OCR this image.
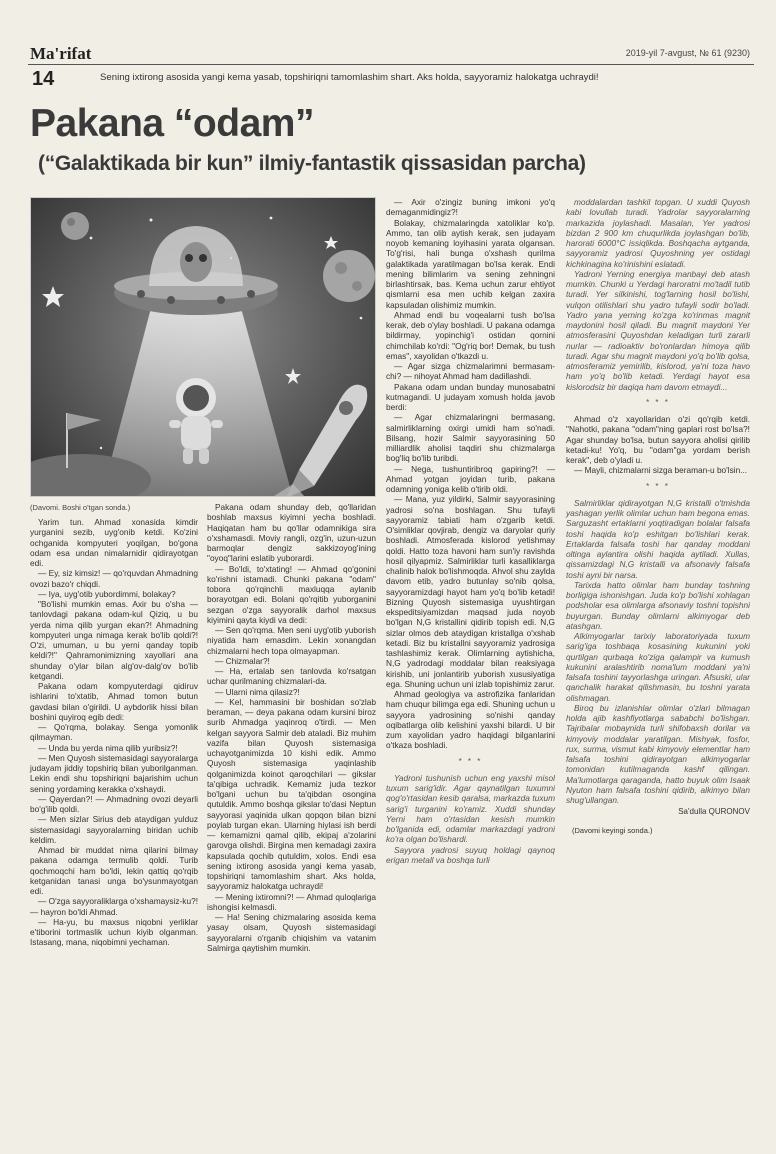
Ma'rifat	2019-yil 7-avgust, № 61 (9230)
14	Sening ixtirong asosida yangi kema yasab, topshiriqni tamomlashim shart. Aks holda, sayyoramiz halokatga uchraydi!
Pakana “odam”
(“Galaktikada bir kun” ilmiy-fantastik qissasidan parcha)
(Davomi. Boshi o'tgan sonda.)

Yarim tun. Ahmad xonasida kimdir yurganini sezib, uyg'onib ketdi. Ko'zini ochganida kompyuteri yoqilgan, bo'gona odam esa undan nimalarnidir qidirayotgan edi.

— Ey, siz kimsiz! — qo'rquvdan Ahmadning ovozi bazo'r chiqdi.

— Iya, uyg'otib yubordimmi, bolakay?

"Bo'lishi mumkin emas. Axir bu o'sha — tanlovdagi pakana odam-kul Qiziq, u bu yerda nima qilib yurgan ekan?! Ahmadning kompyuteri unga nimaga kerak bo'lib qoldi?! O'zi, umuman, u bu yerni qanday topib keldi?!" Qahramonimizning xayollari ana shunday o'ylar bilan alg'ov-dalg'ov bo'lib ketgandi.

Pakana odam kompyuterdagi qidiruv ishlarini to'xtatib, Ahmad tomon butun gavdasi bilan o'girildi. U aybdorlik hissi bilan boshini quyiroq egib dedi:

— Qo'rqma, bolakay. Senga yomonlik qilmayman.

— Unda bu yerda nima qilib yuribsiz?!

— Men Quyosh sistemasidagi sayyoralarga judayam jiddiy topshiriq bilan yuborilganman. Lekin endi shu topshiriqni bajarishim uchun sening yordaming kerakka o'xshaydi.

— Qayerdan?! — Ahmadning ovozi deyarli bo'g'ilib qoldi.

— Men sizlar Sirius deb ataydigan yulduz sistemasidagi sayyoralarning biridan uchib keldim.

Ahmad bir muddat nima qilarini bilmay pakana odamga termulib qoldi. Turib qochmoqchi ham bo'ldi, lekin qattiq qo'rqib ketganidan tanasi unga bo'ysunmayotgan edi.

— O'zga sayyoraliklarga o'xshamaysiz-ku?! — hayron bo'ldi Ahmad.

— Ha-yu, bu maxsus niqobni yerliklar e'tiborini tortmaslik uchun kiyib olganman. Istasang, mana, niqobimni yechaman.

Pakana odam shunday deb, qo'llaridan boshlab maxsus kiyimni yecha boshladi. Haqiqatan ham bu qo'llar odamnikiga sira o'xshamasdi. Moviy rangli, ozg'in, uzun-uzun barmoqlar dengiz sakkizoyog'ining "oyoq"larini eslatib yuborardi.

— Bo'ldi, to'xtating! — Ahmad qo'gonini ko'rishni istamadi. Chunki pakana "odam" tobora qo'rqinchli maxluqqa aylanib borayotgan edi. Bolani qo'rqitib yuborganini sezgan o'zga sayyoralik darhol maxsus kiyimini qayta kiydi va dedi:

— Sen qo'rqma. Men seni uyg'otib yuborish niyatida ham emasdim. Lekin xonangdan chizmalarni hech topa olmayapman.

— Chizmalar?!

— Ha, ertalab sen tanlovda ko'rsatgan uchar qurilmaning chizmalari-da.

— Ularni nima qilasiz?!

— Kel, hammasini bir boshidan so'zlab beraman, — deya pakana odam kursini biroz surib Ahmadga yaqinroq o'tirdi. — Men kelgan sayyora Salmir deb ataladi. Biz muhim vazifa bilan Quyosh sistemasiga uchayotganimizda 10 kishi edik. Ammo Quyosh sistemasiga yaqinlashib qolganimizda koinot qaroqchilari — gikslar ta'qibiga uchradik. Kemamiz juda tezkor bo'lgani uchun bu ta'qibdan osongina qutuldik. Ammo boshqa gikslar to'dasi Neptun sayyorasi yaqinida ulkan qopqon bilan bizni poylab turgan ekan. Ularning hiylasi ish berdi — kemamizni qamal qilib, ekipaj a'zolarini garovga olishdi. Birgina men kemadagi zaxira kapsulada qochib qutuldim, xolos. Endi esa sening ixtirong asosida yangi kema yasab, topshiriqni tamomlashim shart. Aks holda, sayyoramiz halokatga uchraydi!

— Mening ixtiromni?! — Ahmad quloqlariga ishongisi kelmasdi.

— Ha! Sening chizmalaring asosida kema yasay olsam, Quyosh sistemasidagi sayyoralarni o'rganib chiqishim va vatanim Salmirga qaytishim mumkin.

— Axir o'zingiz buning imkoni yo'q demaganmidingiz?!

Bolakay, chizmalaringda xatoliklar ko'p. Ammo, tan olib aytish kerak, sen judayam noyob kemaning loyihasini yarata olgansan. To'g'risi, hali bunga o'xshash qurilma galaktikada yaratilmagan bo'lsa kerak. Endi mening bilimlarim va sening zehningni birlashtirsak, bas. Kema uchun zarur ehtiyot qismlarni esa men uchib kelgan zaxira kapsuladan olishimiz mumkin.

Ahmad endi bu voqealarni tush bo'lsa kerak, deb o'ylay boshladi. U pakana odamga bildirmay, yopinchig'i ostidan qornini chimchilab ko'rdi: "Og'riq bor! Demak, bu tush emas", xayolidan o'tkazdi u.

— Agar sizga chizmalarimni bermasam-chi? — nihoyat Ahmad ham dadillashdi.

Pakana odam undan bunday munosabatni kutmagandi. U judayam xomush holda javob berdi:

— Agar chizmalaringni bermasang, salmirliklarning oxirgi umidi ham so'nadi. Bilsang, hozir Salmir sayyorasining 50 milliardlik aholisi taqdiri shu chizmalarga bog'liq bo'lib turibdi.

— Nega, tushuntiribroq gapiring?! — Ahmad yotgan joyidan turib, pakana odamning yoniga kelib o'tirib oldi.

— Mana, yuz yildirki, Salmir sayyorasining yadrosi so'na boshlagan. Shu tufayli sayyoramiz tabiati ham o'zgarib ketdi. O'simliklar qovjirab, dengiz va daryolar quriy boshladi. Atmosferada kislorod yetishmay qoldi. Hatto toza havoni ham sun'iy ravishda hosil qilyapmiz. Salmirliklar turli kasalliklarga chalinib halok bo'lishmoqda. Ahvol shu zaylda davom etib, yadro butunlay so'nib qolsa, sayyoramizdagi hayot ham yo'q bo'lib ketadi! Bizning Quyosh sistemasiga uyushtirgan ekspeditsiyamizdan maqsad juda noyob bo'lgan N,G kristallini qidirib topish edi. N,G sizlar olmos deb ataydigan kristallga o'xshab ketadi. Biz bu kristallni sayyoramiz yadrosiga tashlashimiz kerak. Olimlarning aytishicha, N,G yadrodagi moddalar bilan reaksiyaga kirishib, uni jonlantirib yuborish xususiyatiga ega. Shuning uchun uni izlab topishimiz zarur.

Ahmad geologiya va astrofizika fanlaridan ham chuqur bilimga ega edi. Shuning uchun u sayyora yadrosining so'nishi qanday oqibatlarga olib kelishini yaxshi bilardi. U bir zum xayolidan yadro haqidagi bilganlarini o'tkaza boshladi.

* * *

Yadroni tushunish uchun eng yaxshi misol tuxum sarig'idir. Agar qaynatilgan tuxumni qog'o'rtasidan kesib qaralsa, markazda tuxum sarig'i turganini ko'ramiz. Xuddi shunday Yerni ham o'rtasidan kesish mumkin bo'lganida edi, odamlar markazdagi yadroni ko'ra olgan bo'lishardi.

Sayyora yadrosi suyuq holdagi qaynoq erigan metall va boshqa turli

moddalardan tashkil topgan. U xuddi Quyosh kabi lovullab turadi. Yadrolar sayyoralarning markazida joylashadi. Masalan, Yer yadrosi bizdan 2 900 km chuqurlikda joylashgan bo'lib, harorati 6000°C issiqlikda. Boshqacha aytganda, sayyoramiz yadrosi Quyoshning yer ostidagi kichkinagina ko'rinishini eslatadi.

Yadroni Yerning energiya manbayi deb atash mumkin. Chunki u Yerdagi haroratni mo'tadil tutib turadi. Yer silkinishi, tog'larning hosil bo'lishi, vulqon otilishlari shu yadro tufayli sodir bo'ladi. Yadro yana yerning ko'zga ko'rinmas magnit maydonini hosil qiladi. Bu magnit maydoni Yer atmosferasini Quyoshdan keladigan turli zararli nurlar — radioaktiv bo'ronlardan himoya qilib turadi. Agar shu magnit maydoni yo'q bo'lib qolsa, atmosferamiz yemirilib, kislorod, ya'ni toza havo ham yo'q bo'lib ketadi. Yerdagi hayot esa kislorodsiz bir daqiqa ham davom etmaydi...

* * *

Ahmad o'z xayollaridan o'zi qo'rqib ketdi. "Nahotki, pakana "odam"ning gaplari rost bo'lsa?! Agar shunday bo'lsa, butun sayyora aholisi qirilib ketadi-ku! Yo'q, bu "odam"ga yordam berish kerak", deb o'yladi u.

— Mayli, chizmalarni sizga beraman-u bo'lsin...

* * *

Salmirliklar qidirayotgan N,G kristalli o'tmishda yashagan yerlik olimlar uchun ham begona emas. Sarguzasht ertaklarni yoqtiradigan bolalar falsafa toshi haqida ko'p eshitgan bo'lishlari kerak. Ertaklarda falsafa toshi har qanday moddani oltinga aylantira olishi haqida aytiladi. Xullas, qissamizdagi N,G kristalli va afsonaviy falsafa toshi ayni bir narsa.

Tarixda hatto olimlar ham bunday toshning borligiga ishonishgan. Juda ko'p bo'lishi xohlagan podsholar esa olimlarga afsonaviy toshni topishni buyurgan. Bunday olimlarni alkimyogar deb atashgan.

Alkimyogarlar tarixiy laboratoriyada tuxum sarig'iga toshbaqa kosasining kukunini yoki qurtilgan qurbaqa ko'ziga qalampir va kumush kukunini aralashtirib noma'lum moddani ya'ni falsafa toshini tayyorlashga uringan. Afsuski, ular qanchalik harakat qilishmasin, bu toshni yarata olishmagan.

Biroq bu izlanishlar olimlar o'zlari bilmagan holda ajib kashfiyotlarga sababchi bo'lishgan. Tajribalar mobaynida turli shifobaxsh dorilar va kimyoviy moddalar yaratilgan. Mishyak, fosfor, rux, surma, vismut kabi kimyoviy elementlar ham falsafa toshini qidirayotgan alkimyogarlar tomonidan kutilmaganda kashf qilingan. Ma'lumotlarga qaraganda, hatto buyuk olim Isaak Nyuton ham falsafa toshini qidirib, alkimyo bilan shug'ullangan.

Sa'dulla QURONOV

(Davomi keyingi sonda.)
